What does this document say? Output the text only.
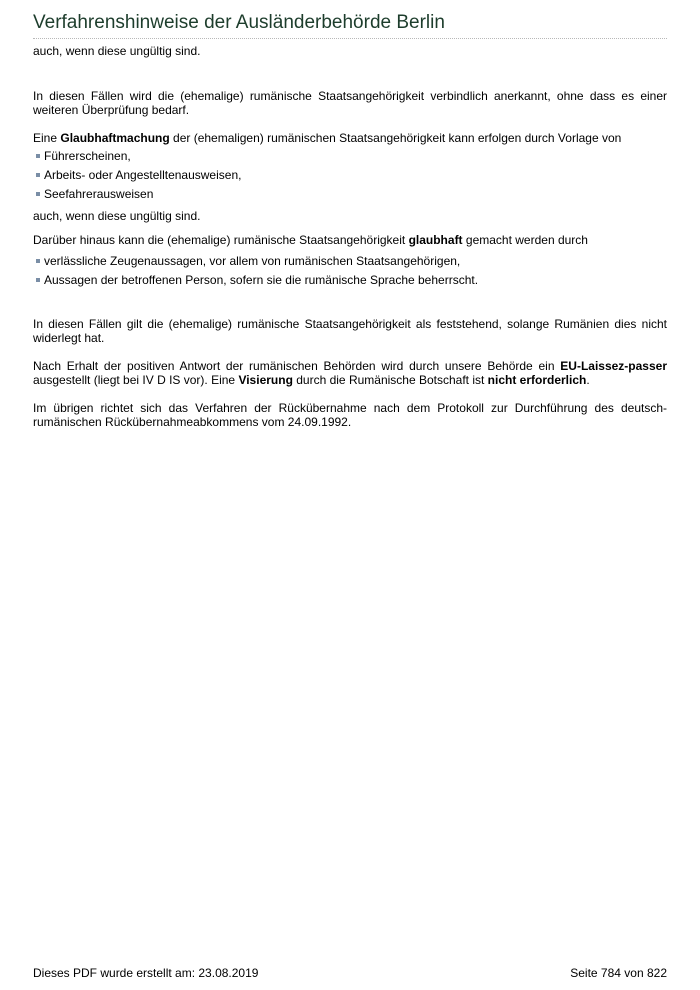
Verfahrenshinweise der Ausländerbehörde Berlin

auch, wenn diese ungültig sind.

In diesen Fällen wird die (ehemalige) rumänische Staatsangehörigkeit verbindlich anerkannt, ohne dass es einer weiteren Überprüfung bedarf.

Eine Glaubhaftmachung der (ehemaligen) rumänischen Staatsangehörigkeit kann erfolgen durch Vorlage von

Führerscheinen,
Arbeits- oder Angestelltenausweisen,
Seefahrerausweisen

auch, wenn diese ungültig sind.

Darüber hinaus kann die (ehemalige) rumänische Staatsangehörigkeit glaubhaft gemacht werden durch

verlässliche Zeugenaussagen, vor allem von rumänischen Staatsangehörigen,
Aussagen der betroffenen Person, sofern sie die rumänische Sprache beherrscht.

In diesen Fällen gilt die (ehemalige) rumänische Staatsangehörigkeit als feststehend, solange Rumänien dies nicht widerlegt hat.

Nach Erhalt der positiven Antwort der rumänischen Behörden wird durch unsere Behörde ein EU-Laissez-passer ausgestellt (liegt bei IV D IS vor). Eine Visierung durch die Rumänische Botschaft ist nicht erforderlich.

Im übrigen richtet sich das Verfahren der Rückübernahme nach dem Protokoll zur Durchführung des deutsch-rumänischen Rückübernahmeabkommens vom 24.09.1992.

Dieses PDF wurde erstellt am: 23.08.2019	Seite 784 von 822
